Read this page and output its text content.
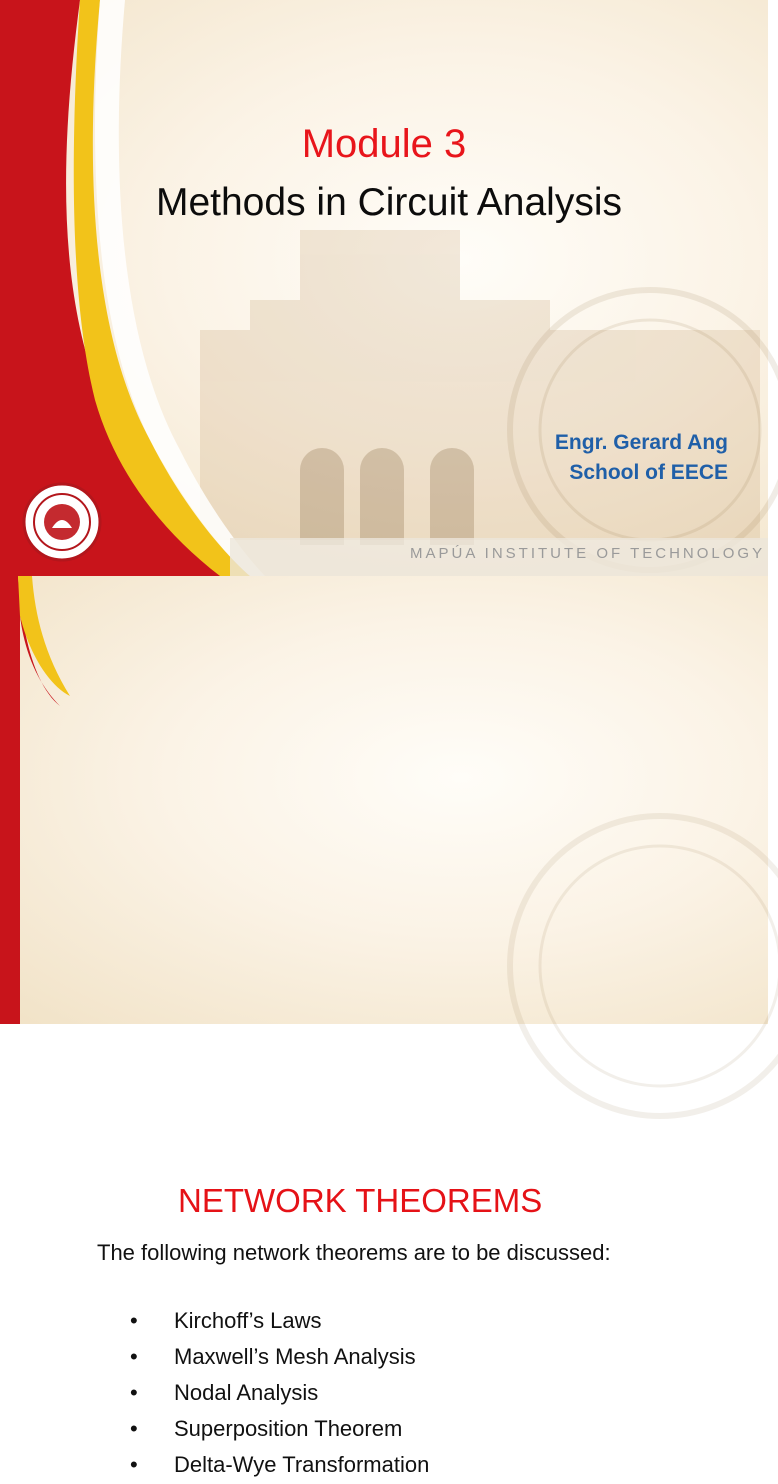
Module 3
Methods in Circuit Analysis
Engr. Gerard Ang
School of EECE
MAPÚA INSTITUTE OF TECHNOLOGY
NETWORK THEOREMS

The following network theorems are to be discussed:

• Kirchoff’s Laws
• Maxwell’s Mesh Analysis
• Nodal Analysis
• Superposition Theorem
• Delta-Wye Transformation
